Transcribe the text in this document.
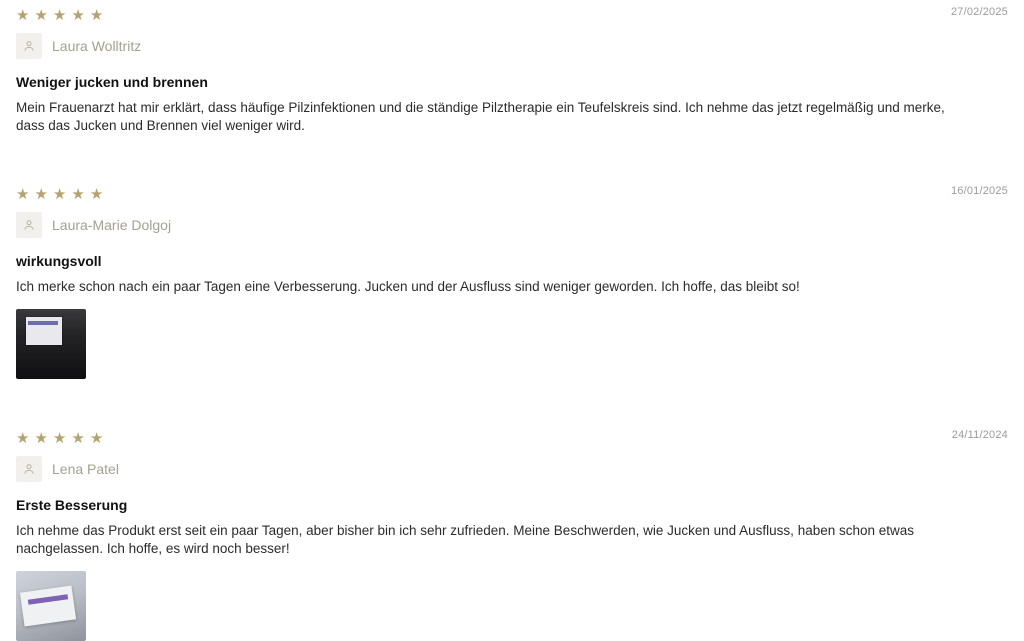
★ ★ ★ ★ ★	27/02/2025
Laura Wolltritz
Weniger jucken und brennen
Mein Frauenarzt hat mir erklärt, dass häufige Pilzinfektionen und die ständige Pilztherapie ein Teufelskreis sind. Ich nehme das jetzt regelmäßig und merke, dass das Jucken und Brennen viel weniger wird.
★ ★ ★ ★ ★	16/01/2025
Laura-Marie Dolgoj
wirkungsvoll
Ich merke schon nach ein paar Tagen eine Verbesserung. Jucken und der Ausfluss sind weniger geworden. Ich hoffe, das bleibt so!
★ ★ ★ ★ ★	24/11/2024
Lena Patel
Erste Besserung
Ich nehme das Produkt erst seit ein paar Tagen, aber bisher bin ich sehr zufrieden. Meine Beschwerden, wie Jucken und Ausfluss, haben schon etwas nachgelassen. Ich hoffe, es wird noch besser!
